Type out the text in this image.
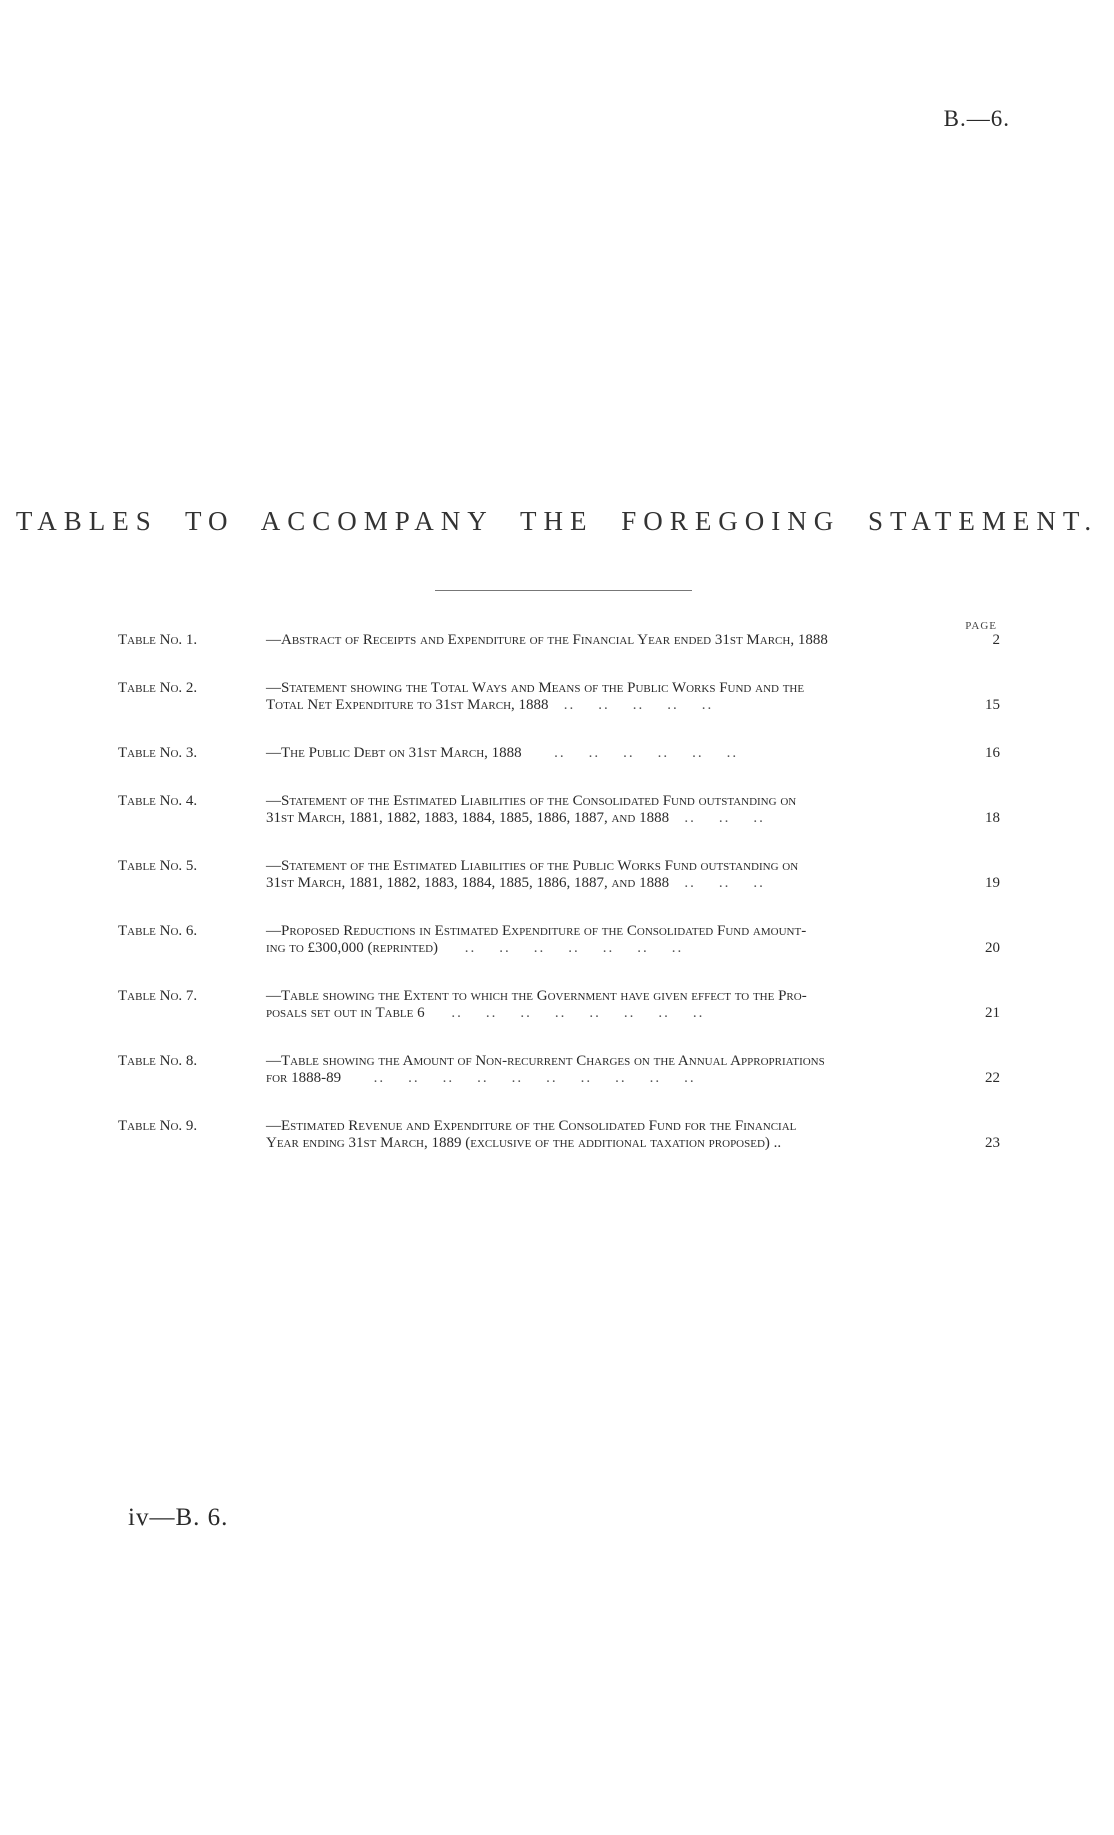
B.—6.
TABLES TO ACCOMPANY THE FOREGOING STATEMENT.
PAGE
Table No. 1.	—Abstract of Receipts and Expenditure of the Financial Year ended 31st March, 1888	2
Table No. 2.	—Statement showing the Total Ways and Means of the Public Works Fund and the
Total Net Expenditure to 31st March, 1888   ..    ..    ..    ..    ..	15
Table No. 3.	—The Public Debt on 31st March, 1888      ..    ..    ..    ..    ..    ..	16
Table No. 4.	—Statement of the Estimated Liabilities of the Consolidated Fund outstanding on
31st March, 1881, 1882, 1883, 1884, 1885, 1886, 1887, and 1888   ..    ..    ..	18
Table No. 5.	—Statement of the Estimated Liabilities of the Public Works Fund outstanding on
31st March, 1881, 1882, 1883, 1884, 1885, 1886, 1887, and 1888   ..    ..    ..	19
Table No. 6.	—Proposed Reductions in Estimated Expenditure of the Consolidated Fund amount-
ing to £300,000 (reprinted)     ..    ..    ..    ..    ..    ..    ..	20
Table No. 7.	—Table showing the Extent to which the Government have given effect to the Pro-
posals set out in Table 6     ..    ..    ..    ..    ..    ..    ..    ..	21
Table No. 8.	—Table showing the Amount of Non-recurrent Charges on the Annual Appropriations
for 1888-89      ..    ..    ..    ..    ..    ..    ..    ..    ..    ..	22
Table No. 9.	—Estimated Revenue and Expenditure of the Consolidated Fund for the Financial
Year ending 31st March, 1889 (exclusive of the additional taxation proposed) ..	23
iv—B. 6.
